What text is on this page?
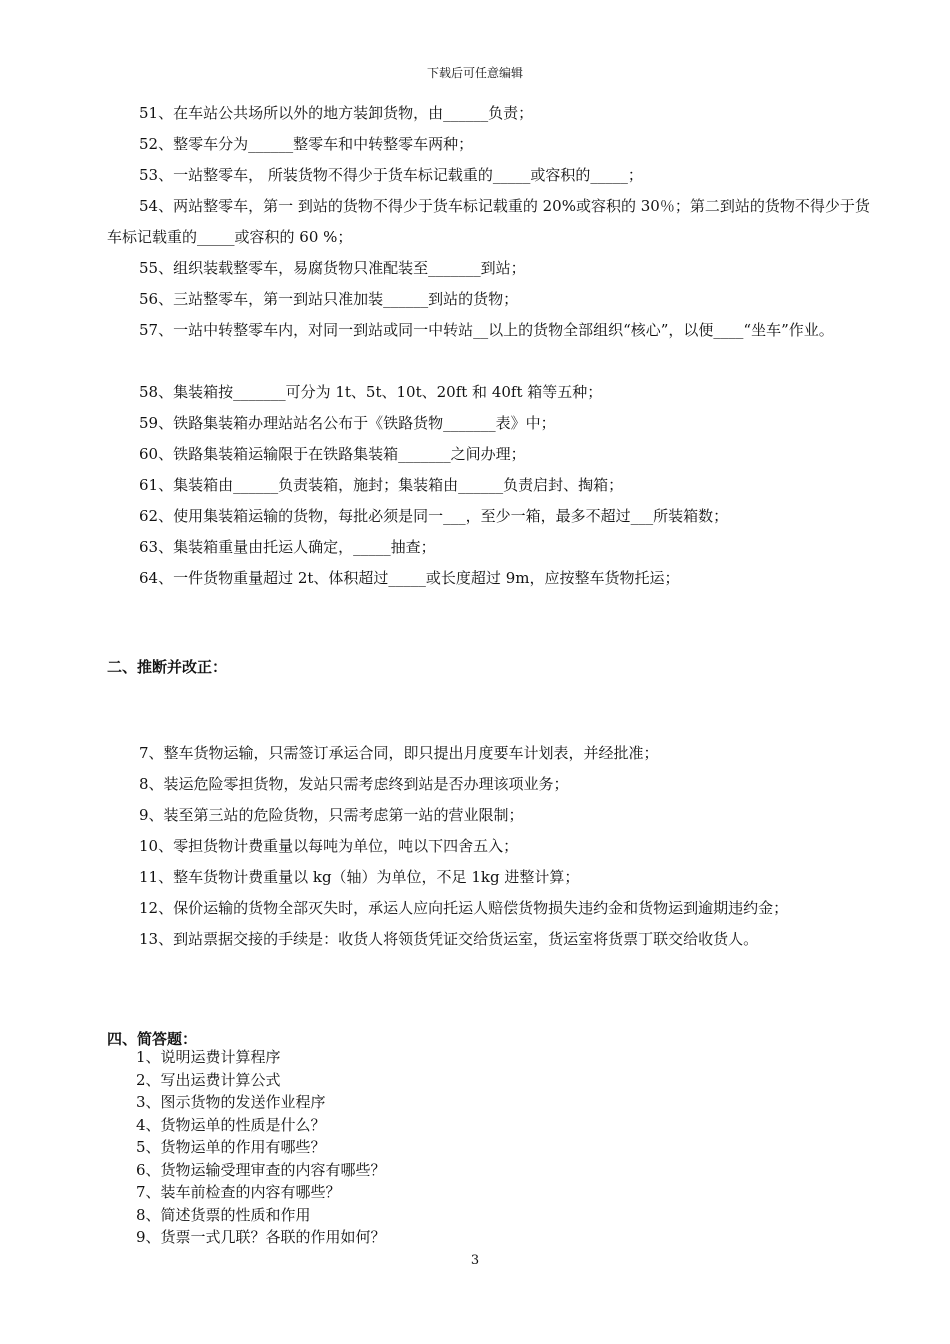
下载后可任意编辑

51、在车站公共场所以外的地方装卸货物，由______负责；

52、整零车分为______整零车和中转整零车两种；

53、一站整零车， 所装货物不得少于货车标记载重的_____或容积的_____；

54、两站整零车，第一 到站的货物不得少于货车标记载重的 20%或容积的 30％；第二到站的货物不得少于货车标记载重的_____或容积的 60 %；

55、组织装载整零车，易腐货物只准配装至_______到站；

56、三站整零车，第一到站只准加装______到站的货物；

57、一站中转整零车内，对同一到站或同一中转站__以上的货物全部组织“核心”，以便____“坐车”作业。

58、集装箱按_______可分为 1t、5t、10t、20ft 和 40ft 箱等五种；

59、铁路集装箱办理站站名公布于《铁路货物_______表》中；

60、铁路集装箱运输限于在铁路集装箱_______之间办理；

61、集装箱由______负责装箱，施封；集装箱由______负责启封、掏箱；

62、使用集装箱运输的货物，每批必须是同一___，至少一箱，最多不超过___所装箱数；

63、集装箱重量由托运人确定，_____抽查；

64、一件货物重量超过 2t、体积超过_____或长度超过 9m，应按整车货物托运；

二、推断并改正：

7、整车货物运输，只需签订承运合同，即只提出月度要车计划表，并经批准；

8、装运危险零担货物，发站只需考虑终到站是否办理该项业务；

9、装至第三站的危险货物，只需考虑第一站的营业限制；

10、零担货物计费重量以每吨为单位，吨以下四舍五入；

11、整车货物计费重量以 kg（轴）为单位，不足 1kg 进整计算；

12、保价运输的货物全部灭失时，承运人应向托运人赔偿货物损失违约金和货物运到逾期违约金；

13、到站票据交接的手续是：收货人将领货凭证交给货运室，货运室将货票丁联交给收货人。

四、简答题：
1、说明运费计算程序
2、写出运费计算公式
3、图示货物的发送作业程序
4、货物运单的性质是什么？
5、货物运单的作用有哪些？
6、货物运输受理审查的内容有哪些？
7、装车前检查的内容有哪些？
8、简述货票的性质和作用
9、货票一式几联？各联的作用如何？
3
